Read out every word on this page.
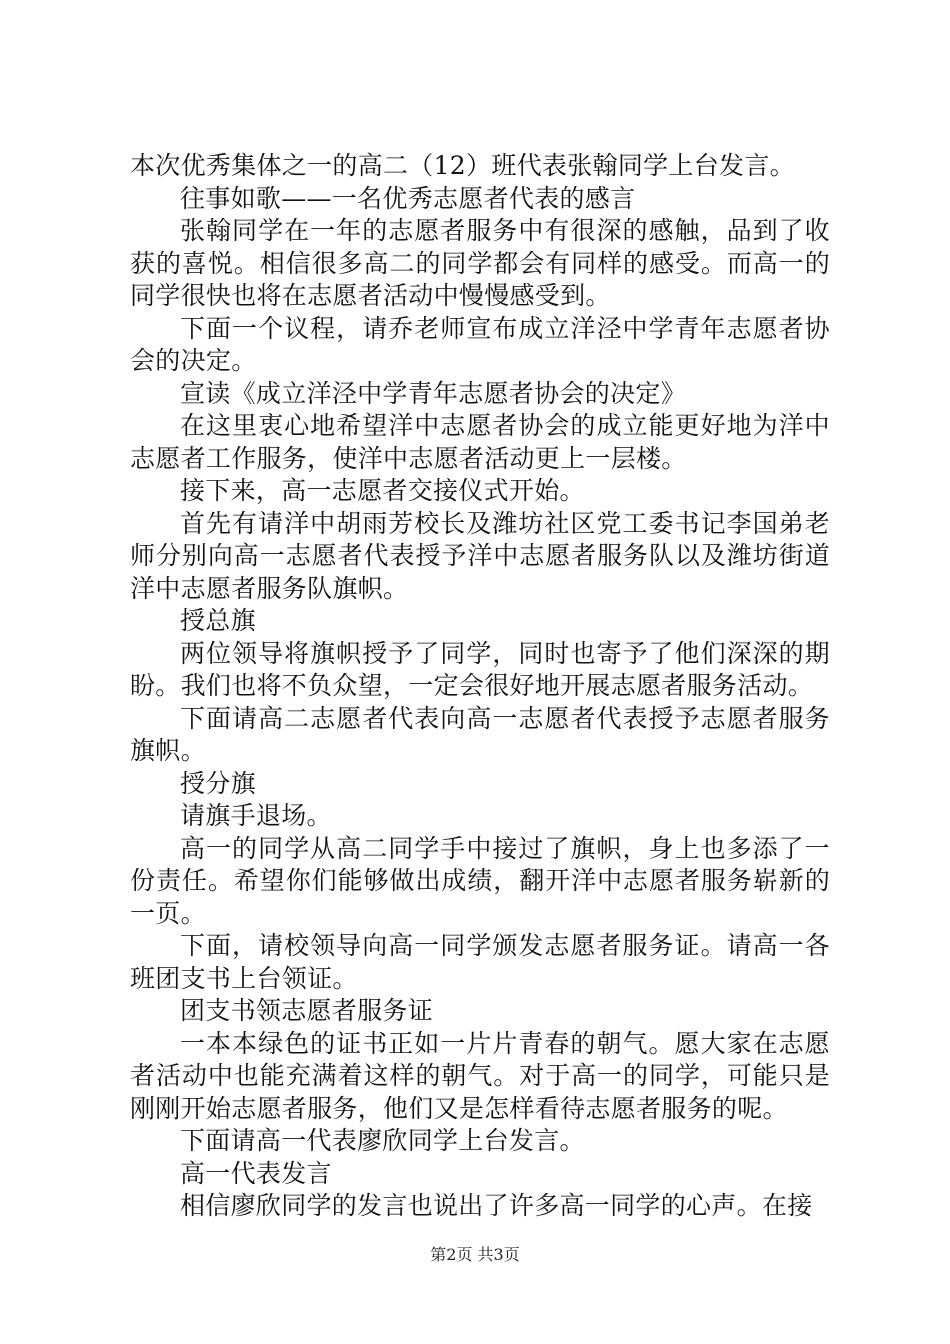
本次优秀集体之一的高二（12）班代表张翰同学上台发言。

往事如歌——一名优秀志愿者代表的感言

张翰同学在一年的志愿者服务中有很深的感触，品到了收获的喜悦。相信很多高二的同学都会有同样的感受。而高一的同学很快也将在志愿者活动中慢慢感受到。

下面一个议程，请乔老师宣布成立洋泾中学青年志愿者协会的决定。

宣读《成立洋泾中学青年志愿者协会的决定》

在这里衷心地希望洋中志愿者协会的成立能更好地为洋中志愿者工作服务，使洋中志愿者活动更上一层楼。

接下来，高一志愿者交接仪式开始。

首先有请洋中胡雨芳校长及潍坊社区党工委书记李国弟老师分别向高一志愿者代表授予洋中志愿者服务队以及潍坊街道洋中志愿者服务队旗帜。

授总旗

两位领导将旗帜授予了同学，同时也寄予了他们深深的期盼。我们也将不负众望，一定会很好地开展志愿者服务活动。

下面请高二志愿者代表向高一志愿者代表授予志愿者服务旗帜。

授分旗

请旗手退场。

高一的同学从高二同学手中接过了旗帜，身上也多添了一份责任。希望你们能够做出成绩，翻开洋中志愿者服务崭新的一页。

下面，请校领导向高一同学颁发志愿者服务证。请高一各班团支书上台领证。

团支书领志愿者服务证

一本本绿色的证书正如一片片青春的朝气。愿大家在志愿者活动中也能充满着这样的朝气。对于高一的同学，可能只是刚刚开始志愿者服务，他们又是怎样看待志愿者服务的呢。

下面请高一代表廖欣同学上台发言。

高一代表发言

相信廖欣同学的发言也说出了许多高一同学的心声。在接

第2页 共3页
